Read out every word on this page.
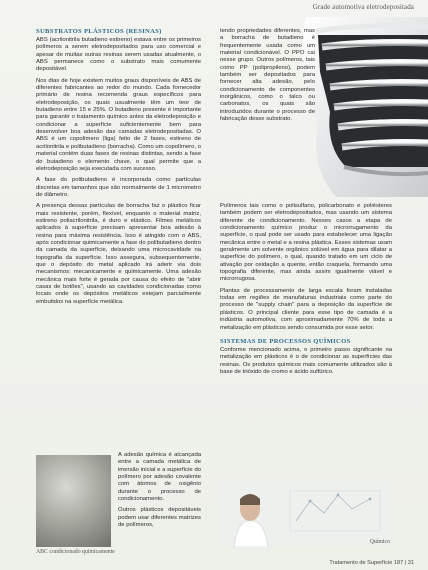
Grade automotiva eletrodepositada
SUBSTRATOS PLÁSTICOS (RESINAS)

ABS (acrilonitrila butadieno estireno) estava entre os primeiros polímeros a serem eletrodepositados para uso comercial e apesar de muitas outras resinas serem usadas atualmente, o ABS permanece como o substrato mais comumente depositável.

Nos dias de hoje existem muitos graus disponíveis de ABS de diferentes fabricantes ao redor do mundo. Cada fornecedor primário de resina recomenda graus específicos para eletrodeposição, os quais usualmente têm um teor de butadieno entre 15 e 25%. O butadieno presente é importante para garantir o tratamento químico antes da eletrodeposição e condicionar a superfície suficientemente bem para desenvolver boa adesão das camadas eletrodepositadas. O ABS é um copolímero (liga) feito de 2 fases, estireno de acrilonitrila e polibutadieno (borracha). Como um copolímero, o material contém duas fases de resinas distintas, sendo a fase do butadieno o elemento chave, o qual permite que a eletrodeposição seja executada com sucesso.

A fase do polibutadieno é incorporada como partículas discretas em tamanhos que são normalmente de 1 micrometro de diâmetro.

A presença dessas partículas de borracha faz o plástico ficar mais resistente, porém, flexível, enquanto o material matriz, estireno poliacrilonitrila, é duro e elástico. Filmes metálicos aplicados à superfície precisam apresentar boa adesão à resina para máxima resistência. Isso é atingido com o ABS, após condicionar quimicamente a fase do polibutadieno dentro da camada da superfície, deixando uma microcavidade na topografia da superfície. Isso assegura, subsequentemente, que o depósito do metal aplicado irá aderir via dois mecanismos: mecanicamente e quimicamente. Uma adesão mecânica mais forte é gerada por causa do efeito de "abrir casas de botões", usando as cavidades condicionadas como locais onde os depósitos metálicos estejam parcialmente embutidos na superfície metálica.

ABC condicionado quimicamente

A adesão química é alcançada entre a camada metálica de imersão inicial e a superfície do polímero por adesão covalente com átomos de oxigênio durante o processo de condicionamento.

Outros plásticos depositáveis podem usar diferentes matrizes de polímeros,

tendo propriedades diferentes, mas a borracha de butadieno é frequentemente usada como um material condicionável. O PPO cai nesse grupo. Outros polímeros, tais como PP (polipropileno), podem também ser depositados para fornecer alta adesão, pelo condicionamento de componentes inorgânicos, como o talco ou carbonatos, os quais são introduzidos durante o processo de fabricação desse substrato.

Polímeros tais como o polisulfano, policarbonato e poliésteres também podem ser eletrodepositados, mas usando um sistema diferente de condicionamento. Nesses casos a etapa de condicionamento químico produz o microrrugamento da superfície, o qual pode ser usado para estabelecer uma ligação mecânica entre o metal e a resina plástica. Esses sistemas usam geralmente um solvente orgânico solúvel em água para dilatar a superfície do polímero, o qual, quando tratado em um ciclo de ativação por oxidação a quente, então craquela, formando uma topografia diferente, mas ainda assim igualmente viável e microrrugosa.

Plantas de processamento de larga escala foram instaladas todas em regiões de manufaturas industriais como parte do processo de "supply chain" para a deposição da superfície de plásticos. O principal cliente para esse tipo de camada é a indústria automotiva, com aproximadamente 70% de toda a metalização em plásticos sendo consumida por esse setor.

SISTEMAS DE PROCESSOS QUÍMICOS

Conforme mencionado acima, o primeiro passo significante na metalização em plásticos é o de condicionar as superfícies das resinas. Os produtos químicos mais comumente utilizados são à base de trióxido de cromo e ácido sulfúrico.

Químico
Tratamento de Superfície 187 | 31
